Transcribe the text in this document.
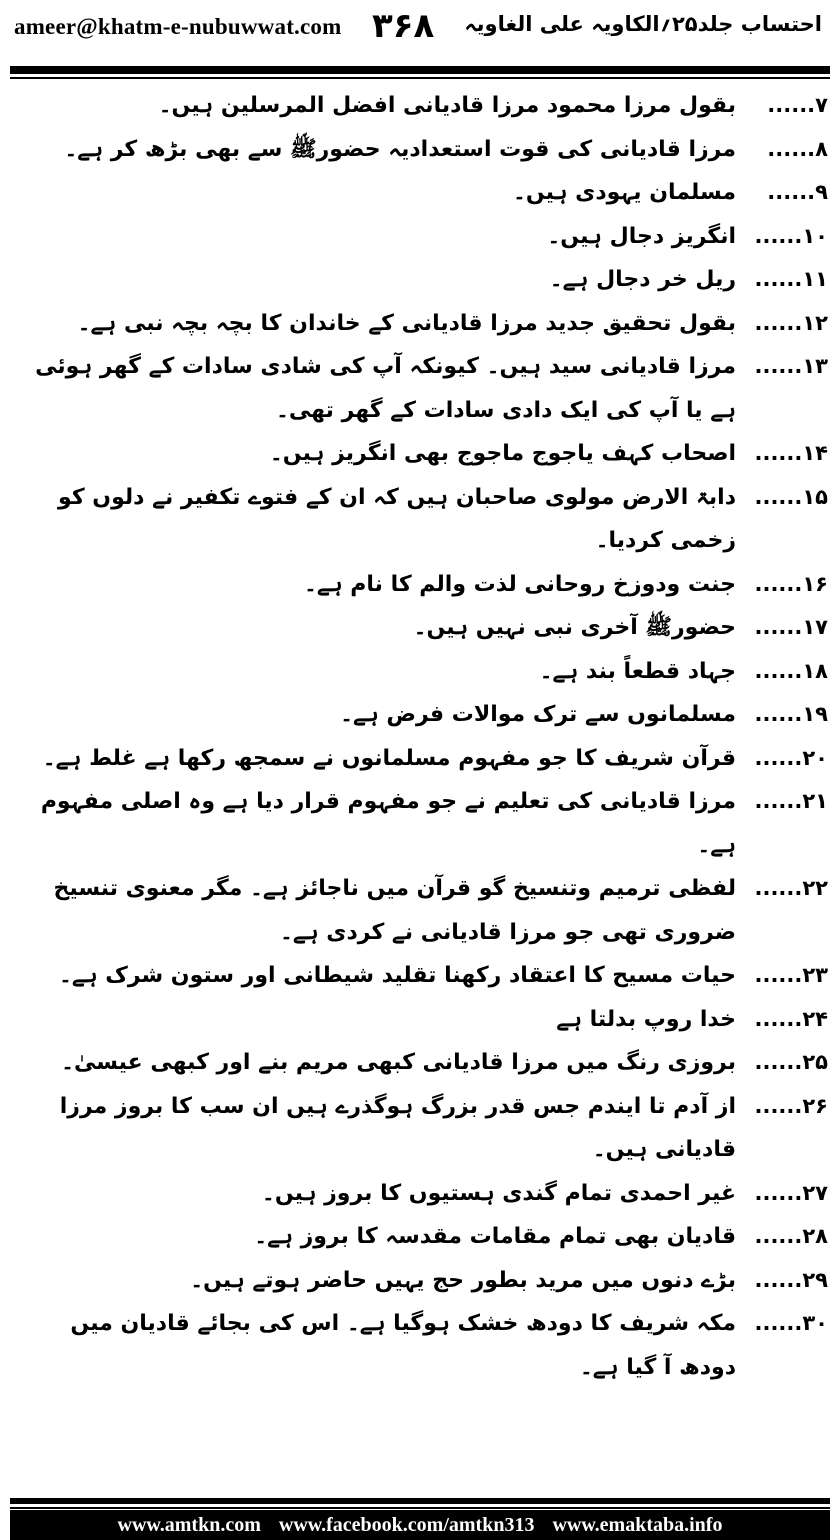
ameer@khatm-e-nubuwwat.com ۳۶۸ احتساب جلد۲۵؍الکاویہ علی الغاویہ
......۷
بقول مرزا محمود مرزا قادیانی افضل المرسلین ہیں۔
......۸
مرزا قادیانی کی قوت استعدادیہ حضورﷺ سے بھی بڑھ کر ہے۔
......۹
مسلمان یہودی ہیں۔
......۱۰
انگریز دجال ہیں۔
......۱۱
ریل خر دجال ہے۔
......۱۲
بقول تحقیق جدید مرزا قادیانی کے خاندان کا بچہ بچہ نبی ہے۔
......۱۳
مرزا قادیانی سید ہیں۔ کیونکہ آپ کی شادی سادات کے گھر ہوئی ہے یا آپ کی ایک دادی سادات کے گھر تھی۔
......۱۴
اصحاب کہف یاجوج ماجوج بھی انگریز ہیں۔
......۱۵
دابۃ الارض مولوی صاحبان ہیں کہ ان کے فتوے تکفیر نے دلوں کو زخمی کردیا۔
......۱۶
جنت ودوزخ روحانی لذت والم کا نام ہے۔
......۱۷
حضورﷺ آخری نبی نہیں ہیں۔
......۱۸
جہاد قطعاً بند ہے۔
......۱۹
مسلمانوں سے ترک موالات فرض ہے۔
......۲۰
قرآن شریف کا جو مفہوم مسلمانوں نے سمجھ رکھا ہے غلط ہے۔
......۲۱
مرزا قادیانی کی تعلیم نے جو مفہوم قرار دیا ہے وہ اصلی مفہوم ہے۔
......۲۲
لفظی ترمیم وتنسیخ گو قرآن میں ناجائز ہے۔ مگر معنوی تنسیخ ضروری تھی جو مرزا قادیانی نے کردی ہے۔
......۲۳
حیات مسیح کا اعتقاد رکھنا تقلید شیطانی اور ستون شرک ہے۔
......۲۴
خدا روپ بدلتا ہے
......۲۵
بروزی رنگ میں مرزا قادیانی کبھی مریم بنے اور کبھی عیسیٰ۔
......۲۶
از آدم تا ایندم جس قدر بزرگ ہوگذرے ہیں ان سب کا بروز مرزا قادیانی ہیں۔
......۲۷
غیر احمدی تمام گندی ہستیوں کا بروز ہیں۔
......۲۸
قادیان بھی تمام مقامات مقدسہ کا بروز ہے۔
......۲۹
بڑے دنوں میں مرید بطور حج یہیں حاضر ہوتے ہیں۔
......۳۰
مکہ شریف کا دودھ خشک ہوگیا ہے۔ اس کی بجائے قادیان میں دودھ آ گیا ہے۔
www.amtkn.com www.facebook.com/amtkn313 www.emaktaba.info
